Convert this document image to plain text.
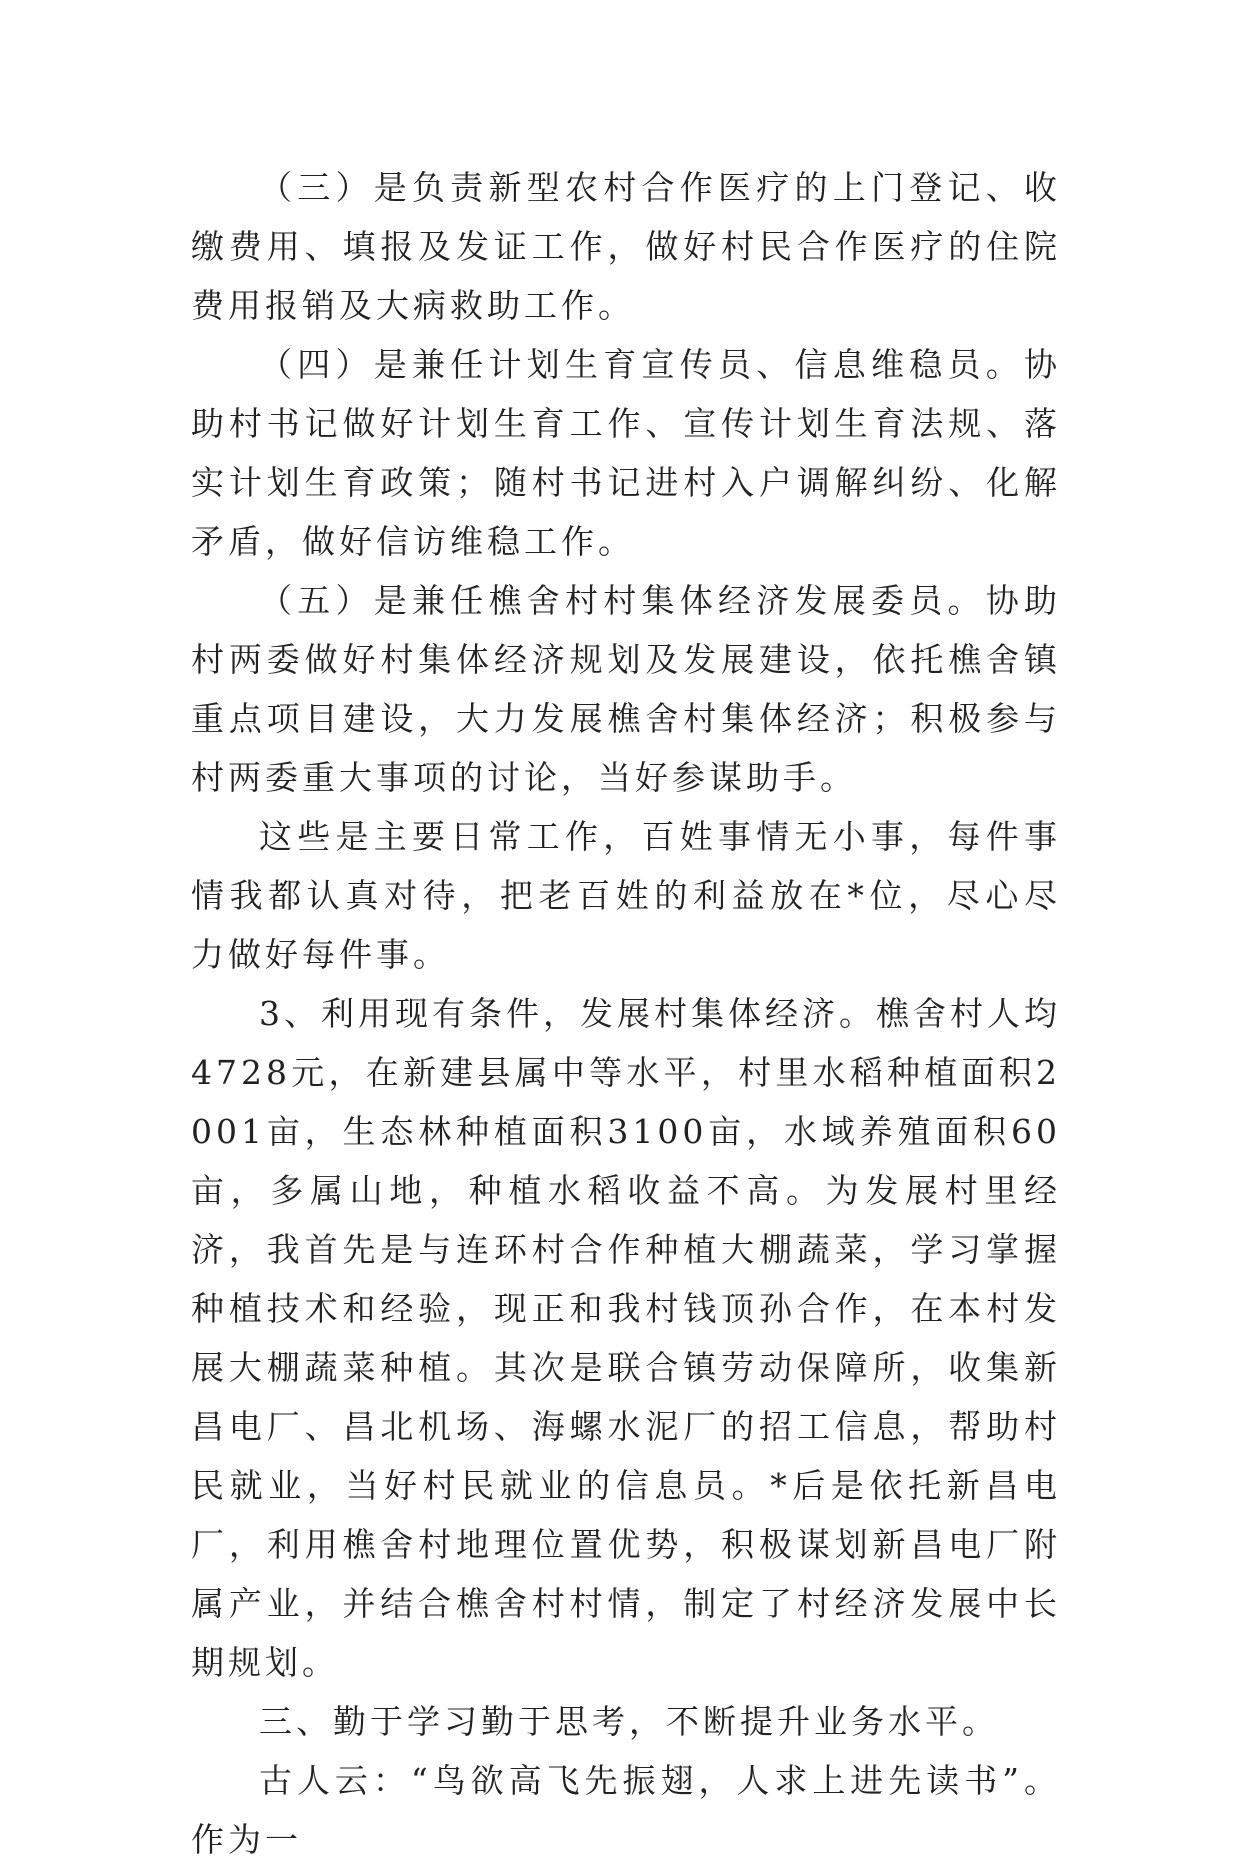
（三）是负责新型农村合作医疗的上门登记、收缴费用、填报及发证工作，做好村民合作医疗的住院费用报销及大病救助工作。

（四）是兼任计划生育宣传员、信息维稳员。协助村书记做好计划生育工作、宣传计划生育法规、落实计划生育政策；随村书记进村入户调解纠纷、化解矛盾，做好信访维稳工作。

（五）是兼任樵舍村村集体经济发展委员。协助村两委做好村集体经济规划及发展建设，依托樵舍镇重点项目建设，大力发展樵舍村集体经济；积极参与村两委重大事项的讨论，当好参谋助手。

这些是主要日常工作，百姓事情无小事，每件事情我都认真对待，把老百姓的利益放在*位，尽心尽力做好每件事。

3、利用现有条件，发展村集体经济。樵舍村人均4728元，在新建县属中等水平，村里水稻种植面积2001亩，生态林种植面积3100亩，水域养殖面积60亩，多属山地，种植水稻收益不高。为发展村里经济，我首先是与连环村合作种植大棚蔬菜，学习掌握种植技术和经验，现正和我村钱顶孙合作，在本村发展大棚蔬菜种植。其次是联合镇劳动保障所，收集新昌电厂、昌北机场、海螺水泥厂的招工信息，帮助村民就业，当好村民就业的信息员。*后是依托新昌电厂，利用樵舍村地理位置优势，积极谋划新昌电厂附属产业，并结合樵舍村村情，制定了村经济发展中长期规划。

三、勤于学习勤于思考，不断提升业务水平。

古人云：“鸟欲高飞先振翅，人求上进先读书”。作为一
